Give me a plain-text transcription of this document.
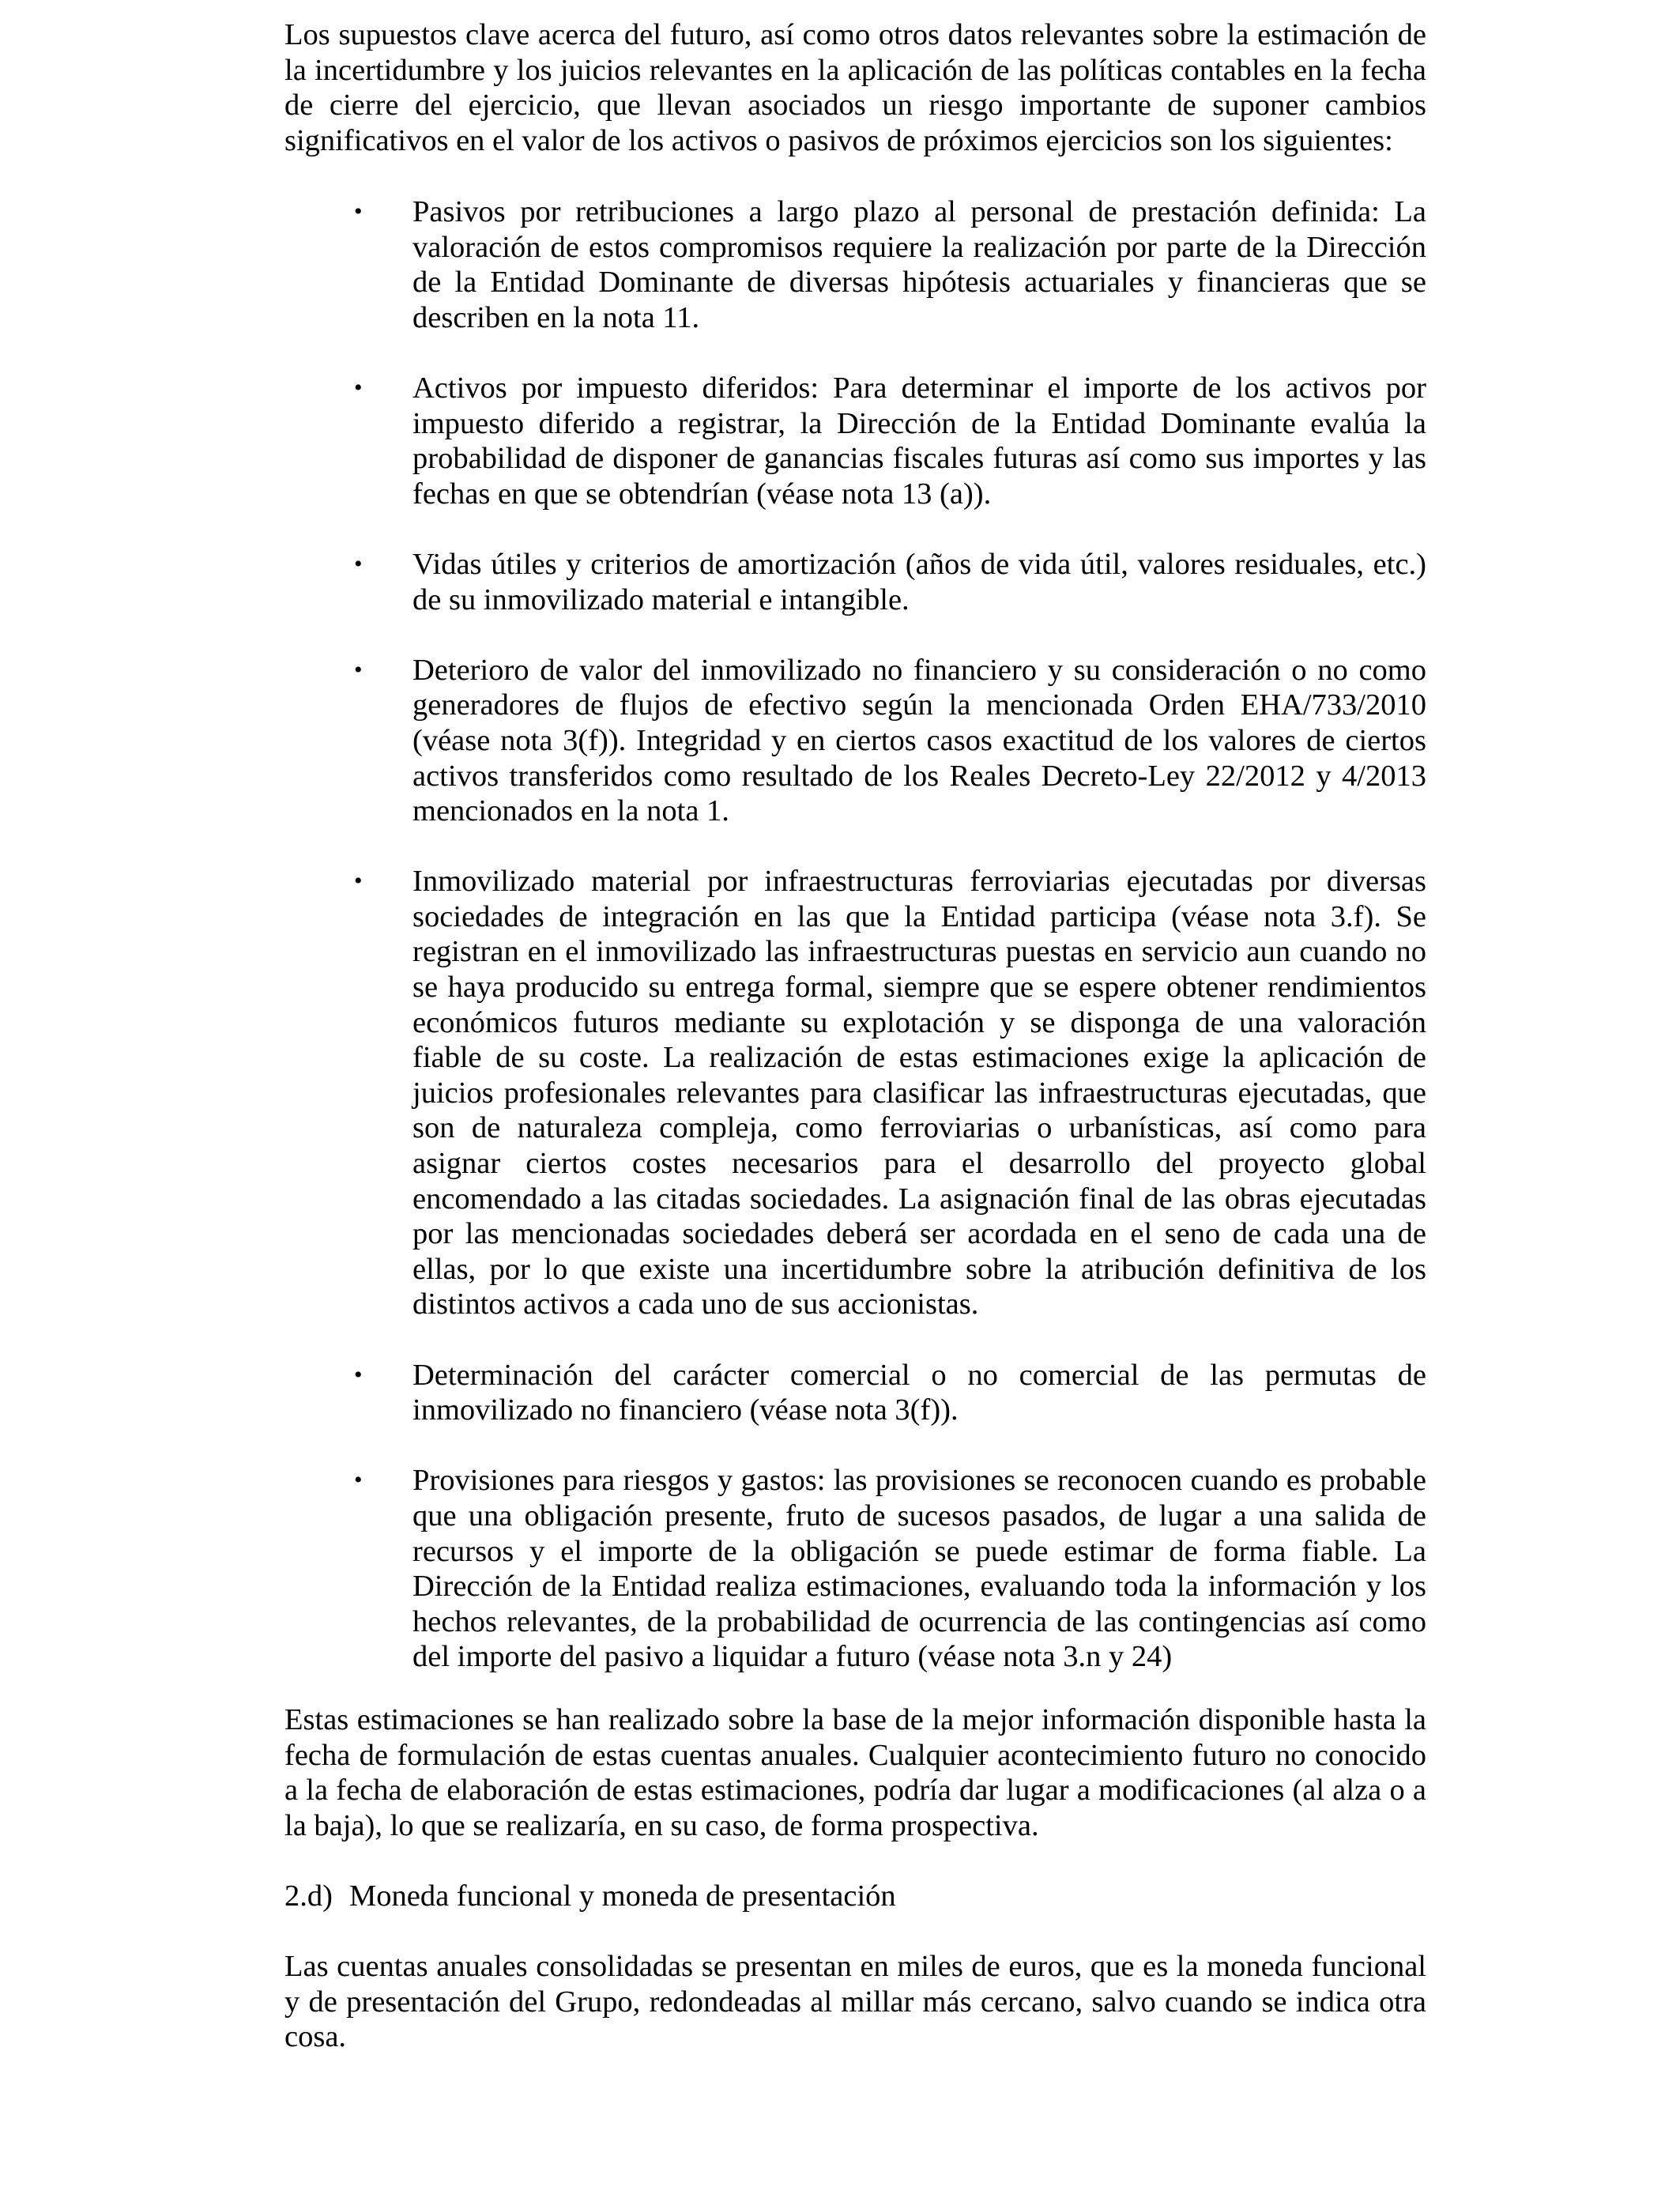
Los supuestos clave acerca del futuro, así como otros datos relevantes sobre la estimación de la incertidumbre y los juicios relevantes en la aplicación de las políticas contables en la fecha de cierre del ejercicio, que llevan asociados un riesgo importante de suponer cambios significativos en el valor de los activos o pasivos de próximos ejercicios son los siguientes:

• Pasivos por retribuciones a largo plazo al personal de prestación definida: La valoración de estos compromisos requiere la realización por parte de la Dirección de la Entidad Dominante de diversas hipótesis actuariales y financieras que se describen en la nota 11.
• Activos por impuesto diferidos: Para determinar el importe de los activos por impuesto diferido a registrar, la Dirección de la Entidad Dominante evalúa la probabilidad de disponer de ganancias fiscales futuras así como sus importes y las fechas en que se obtendrían (véase nota 13 (a)).
• Vidas útiles y criterios de amortización (años de vida útil, valores residuales, etc.) de su inmovilizado material e intangible.
• Deterioro de valor del inmovilizado no financiero y su consideración o no como generadores de flujos de efectivo según la mencionada Orden EHA/733/2010 (véase nota 3(f)). Integridad y en ciertos casos exactitud de los valores de ciertos activos transferidos como resultado de los Reales Decreto-Ley 22/2012 y 4/2013 mencionados en la nota 1.
• Inmovilizado material por infraestructuras ferroviarias ejecutadas por diversas sociedades de integración en las que la Entidad participa (véase nota 3.f). Se registran en el inmovilizado las infraestructuras puestas en servicio aun cuando no se haya producido su entrega formal, siempre que se espere obtener rendimientos económicos futuros mediante su explotación y se disponga de una valoración fiable de su coste. La realización de estas estimaciones exige la aplicación de juicios profesionales relevantes para clasificar las infraestructuras ejecutadas, que son de naturaleza compleja, como ferroviarias o urbanísticas, así como para asignar ciertos costes necesarios para el desarrollo del proyecto global encomendado a las citadas sociedades. La asignación final de las obras ejecutadas por las mencionadas sociedades deberá ser acordada en el seno de cada una de ellas, por lo que existe una incertidumbre sobre la atribución definitiva de los distintos activos a cada uno de sus accionistas.
• Determinación del carácter comercial o no comercial de las permutas de inmovilizado no financiero (véase nota 3(f)).
• Provisiones para riesgos y gastos: las provisiones se reconocen cuando es probable que una obligación presente, fruto de sucesos pasados, de lugar a una salida de recursos y el importe de la obligación se puede estimar de forma fiable. La Dirección de la Entidad realiza estimaciones, evaluando toda la información y los hechos relevantes, de la probabilidad de ocurrencia de las contingencias así como del importe del pasivo a liquidar a futuro (véase nota 3.n y 24)

Estas estimaciones se han realizado sobre la base de la mejor información disponible hasta la fecha de formulación de estas cuentas anuales. Cualquier acontecimiento futuro no conocido a la fecha de elaboración de estas estimaciones, podría dar lugar a modificaciones (al alza o a la baja), lo que se realizaría, en su caso, de forma prospectiva.

2.d) Moneda funcional y moneda de presentación

Las cuentas anuales consolidadas se presentan en miles de euros, que es la moneda funcional y de presentación del Grupo, redondeadas al millar más cercano, salvo cuando se indica otra cosa.
